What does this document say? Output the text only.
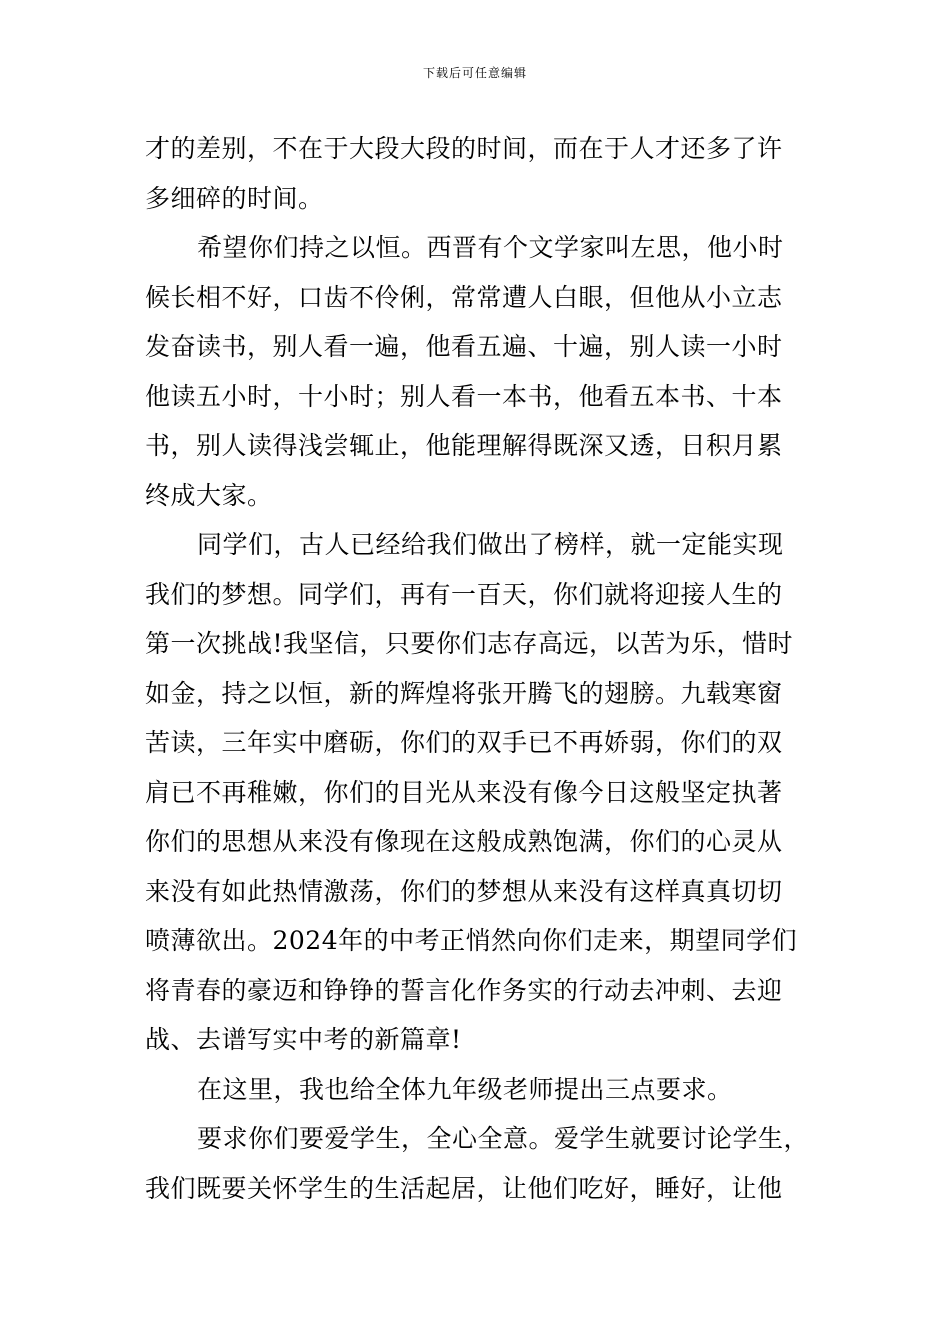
下载后可任意编辑
才的差别，不在于大段大段的时间，而在于人才还多了许
多细碎的时间。
希望你们持之以恒。西晋有个文学家叫左思，他小时
候长相不好，口齿不伶俐，常常遭人白眼，但他从小立志
发奋读书，别人看一遍，他看五遍、十遍，别人读一小时
他读五小时，十小时；别人看一本书，他看五本书、十本
书，别人读得浅尝辄止，他能理解得既深又透，日积月累
终成大家。
同学们，古人已经给我们做出了榜样，就一定能实现
我们的梦想。同学们，再有一百天，你们就将迎接人生的
第一次挑战!我坚信，只要你们志存高远，以苦为乐，惜时
如金，持之以恒，新的辉煌将张开腾飞的翅膀。九载寒窗
苦读，三年实中磨砺，你们的双手已不再娇弱，你们的双
肩已不再稚嫩，你们的目光从来没有像今日这般坚定执著
你们的思想从来没有像现在这般成熟饱满，你们的心灵从
来没有如此热情激荡，你们的梦想从来没有这样真真切切
喷薄欲出。2024年的中考正悄然向你们走来，期望同学们
将青春的豪迈和铮铮的誓言化作务实的行动去冲刺、去迎
战、去谱写实中考的新篇章!
在这里，我也给全体九年级老师提出三点要求。
要求你们要爱学生，全心全意。爱学生就要讨论学生，
我们既要关怀学生的生活起居，让他们吃好，睡好，让他
